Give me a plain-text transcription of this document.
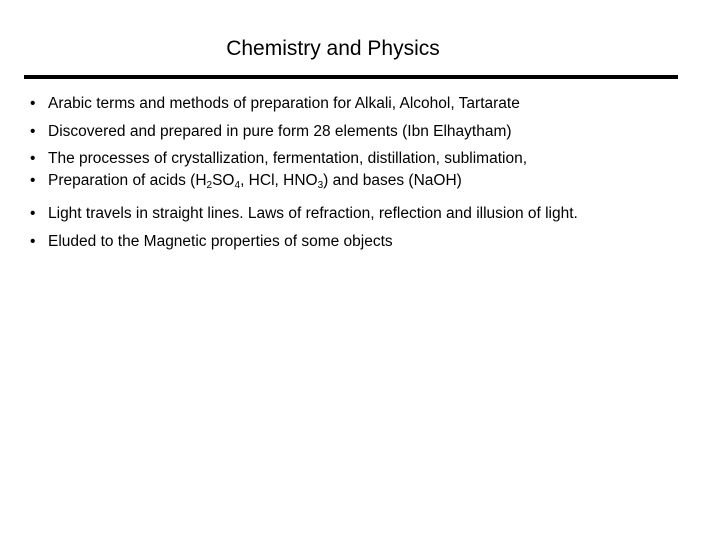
Chemistry and Physics
• Arabic terms and methods of preparation for Alkali, Alcohol, Tartarate
• Discovered and prepared in pure form 28 elements (Ibn Elhaytham)
• The processes of crystallization, fermentation, distillation, sublimation,
• Preparation of acids ($H_2SO_4$, HCl, $HNO_3$) and bases (NaOH)
• Light travels in straight lines. Laws of refraction, reflection and illusion of light.
• Eluded to the Magnetic properties of some objects
